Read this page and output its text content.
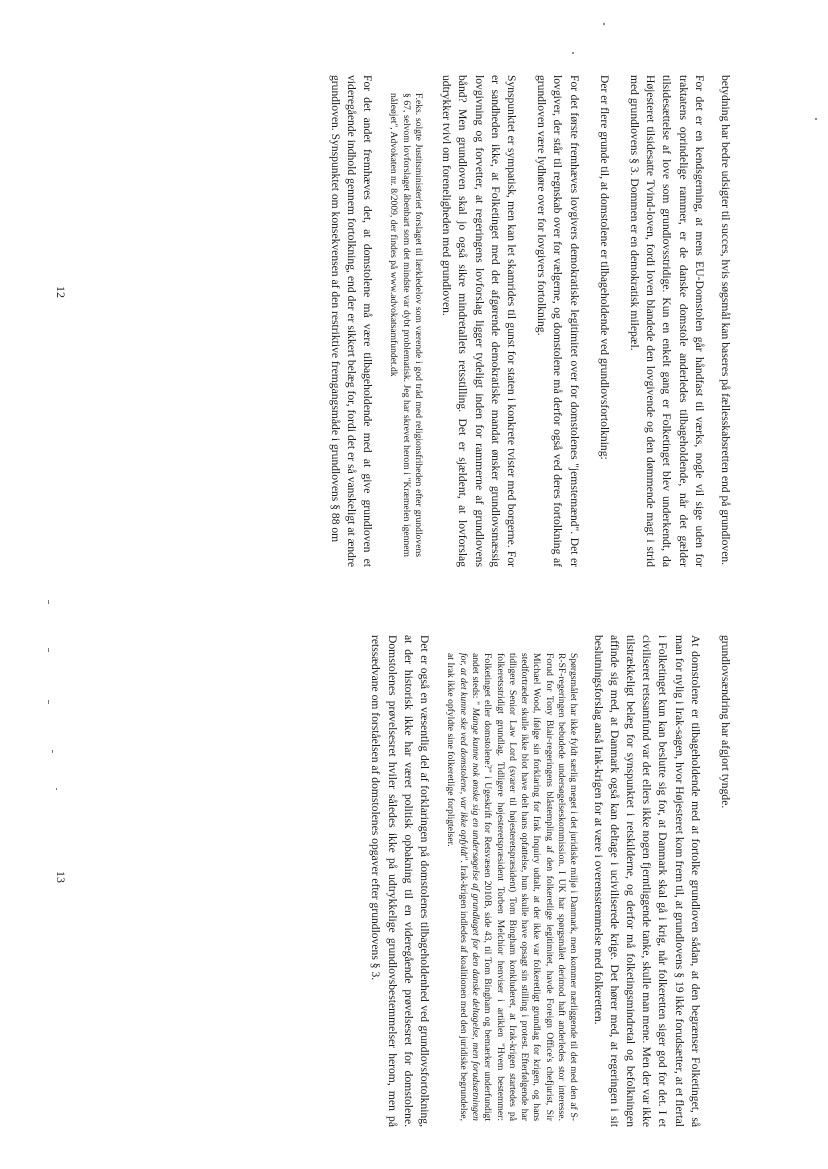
betydning har bedre udsigter til succes, hvis søgsmål kan baseres på fællesskabsretten end på grundloven.

For det er en kendsgerning, at mens EU-Domstolen går håndfast til værks, nogle vil sige uden for traktatens oprindelige rammer, er de danske domstole anderledes tilbageholdende, når det gælder tilsidesættelse af love som grundlovsstridige. Kun en enkelt gang er Folketinget blev underkendt, da Højesteret tilsidesatte Tvind-loven, fordi loven blandede den lovgivende og den dømmende magt i strid med grundlovens § 3. Dommen er en demokratisk milepæl.

Der er flere grunde til, at domstolene er tilbageholdende ved grundlovsfortolkning:

For det første fremhæves lovgivers demokratiske legitimitet over for domstolenes "jemstemænd". Det er lovgiver, der står til regnskab over for vælgerne, og domstolene må derfor også ved deres fortolkning af grundloven være lydhøre over for lovgivers fortolkning.

Synspunktet er sympatisk, men kan let skamrides til gunst for staten i konkrete tvister med borgerne. For er sandheden ikke, at Folketinget med det afgørende demokratiske mandat ønsker grundlovsmæssig lovgivning og forvetter, at regeringens lovforslag ligger tydeligt inden for rammerne af grundlovens bånd? Men grundloven skal jo også sikre mindretallets retsstilling. Det er sjældent, at lovforslag udtrykker tvivl om foreneligheden med grundloven.

F.eks. solgte Justitsministeriet forslaget til lærkledelov som værende i god tråd med religionsfriheden efter grundlovens § 67, selvom lovforslaget åbenbart som det mindste var dybt problematisk. Jeg har skrevet herom i "Kræmelen igennem nåleøjet", Advokaten nr. 8/2009, der findes på www.advokatsamfundet.dk

For det andet fremhæves det, at domstolene må være tilbageholdende med at give grundloven et videregående indhold gennem fortolkning, end der er sikkert belæg for, fordi det er så vanskeligt at ændre grundloven. Synspunktet om konsekvensen af den restriktive fremgangsmåde i grundlovens § 88 om

12

grundlovsændring har afgjort tyngde.

At domstolene er tilbageholdende med at fortolke grundloven sådan, at den begrænser Folketinget, så man for nylig i Irak-sagen, hvor Højesteret kom frem til, at grundlovens § 19 ikke forudsætter, at et flertal i Folketinget kun kan beslutte sig for, at Danmark skal gå i krig, når folkeretten siger god for det. I et civiliseret retssamfund var det ellers ikke nogen fjerntliggende tanke, skulle man mene. Men der var ikke tilstrækkeligt belæg for synspunktet i retskilderne, og derfor må folketingsmindretal og befolkningen affinde sig med, at Danmark også kan deltage i uciviliserede krige. Det hører med, at regeringen i sit beslutningsforslag anså Irak-krigen for at være i overensstemmelse med folkeretten.

Spørgsmålet har ikke fyldt særlig meget i det juridiske miljø i Danmark, men kommer nærliggende til det med den af S-R-SF-regeringen bebudede undersøgelseskommission. I UK har spørgsmålet derimod haft anderledes stor interesse. Forud for Tony Blair-regeringens blåstempling af den folkeretlige legitimitet, havde Foreign Office's chefjurist, Sir Michael Wood, ifølge sin forklaring for Irak Inquiry udtalt, at der ikke var folkeretligt grundlag for krigen, og hans stedfortræder skulle ikke blot have delt hans opfattelse, hun skulle have opsagt sin stilling i protest. Efterfølgende har tidligere Senior Law Lord (svarer til højesteretspræsident) Tom Bingham konkluderet, at Irak-krigen startedes på folkeretsstridigt grundlag. Tidligere højesteretspræsident Torben Melchior henviser i artiklen "Hvem bestemmer: Folketinget eller domstolene?" i Ugeskrift for Retsvæsen 2010B, side 43, til Tom Bingham og bemærker underfundigt andet steds: " Mange kunne nok ønske sig en undersøgelse af grundlaget for den danske deltagelse, men forudsætningen for, at det kunne ske ved domstolene, var ikke opfyldt". Irak-krigen indledes af koalitionen med den juridiske begrundelse, at Irak ikke opfyldte sine folkeretlige forpligtelser.

Det er også en væsentlig del af forklaringen på domstolenes tilbageholdenhed ved grundlovsfortolkning, at der historisk ikke har været politisk opbakning til en videregående prøvelsesret for domstolene. Domstolenes prøvelsesret hviler således ikke på udtrykkelige grundlovsbestemmelser herom, men på retssædvane om forståelsen af domstolenes opgaver efter grundlovens § 3.

13
